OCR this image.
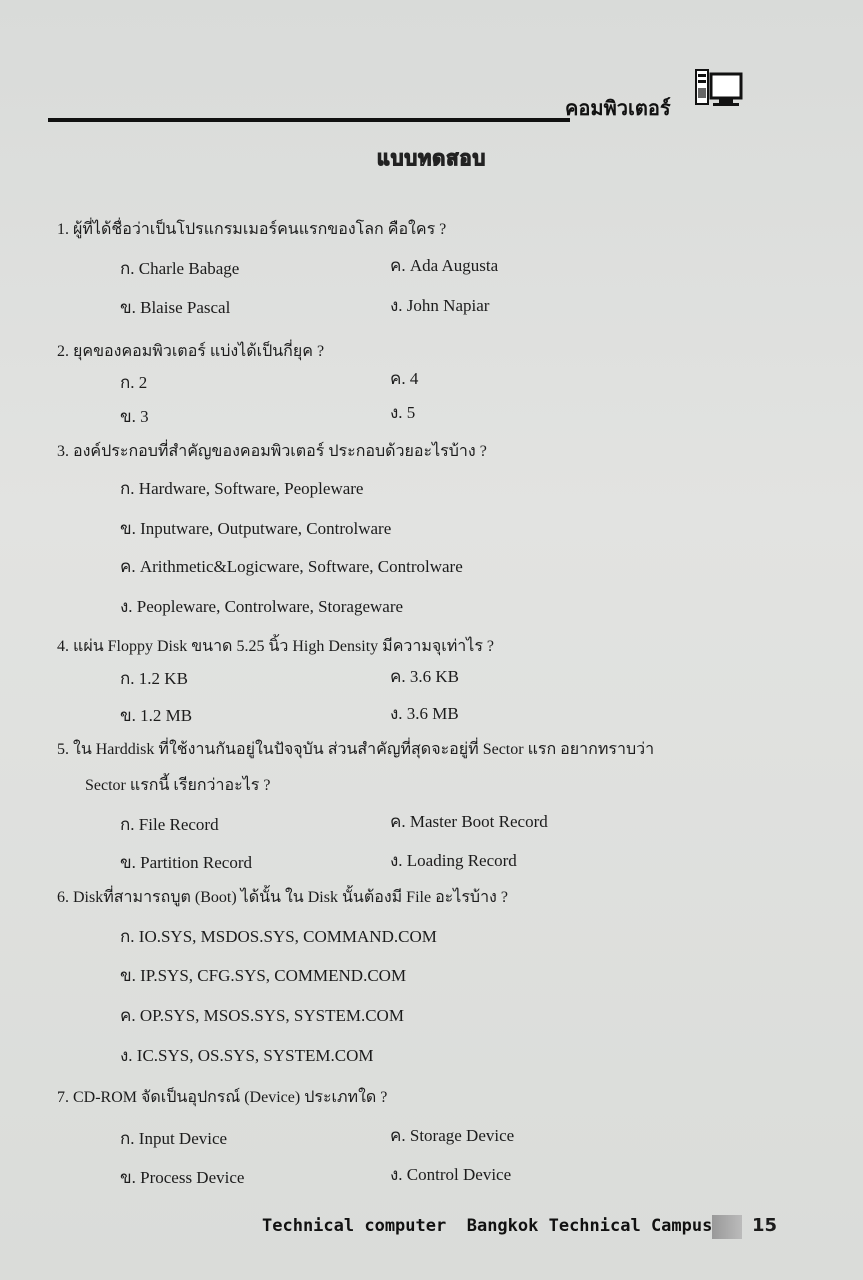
คอมพิวเตอร์
แบบทดสอบ
1. ผู้ที่ได้ชื่อว่าเป็นโปรแกรมเมอร์คนแรกของโลก คือใคร ?
ก. Charle Babage	ค. Ada Augusta
ข. Blaise Pascal	ง. John Napiar
2. ยุคของคอมพิวเตอร์ แบ่งได้เป็นกี่ยุค ?
ก. 2	ค. 4
ข. 3	ง. 5
3. องค์ประกอบที่สำคัญของคอมพิวเตอร์ ประกอบด้วยอะไรบ้าง ?
ก. Hardware, Software, Peopleware
ข. Inputware, Outputware, Controlware
ค. Arithmetic&Logicware, Software, Controlware
ง. Peopleware, Controlware, Storageware
4. แผ่น Floppy Disk ขนาด 5.25 นิ้ว High Density มีความจุเท่าไร ?
ก. 1.2 KB	ค. 3.6 KB
ข. 1.2 MB	ง. 3.6 MB
5. ใน Harddisk ที่ใช้งานกันอยู่ในปัจจุบัน ส่วนสำคัญที่สุดจะอยู่ที่ Sector แรก อยากทราบว่า
Sector แรกนี้ เรียกว่าอะไร ?
ก. File Record	ค. Master Boot Record
ข. Partition Record	ง. Loading Record
6. Diskที่สามารถบูต (Boot) ได้นั้น ใน Disk นั้นต้องมี File อะไรบ้าง ?
ก. IO.SYS, MSDOS.SYS, COMMAND.COM
ข. IP.SYS, CFG.SYS, COMMEND.COM
ค. OP.SYS, MSOS.SYS, SYSTEM.COM
ง. IC.SYS, OS.SYS, SYSTEM.COM
7. CD-ROM จัดเป็นอุปกรณ์ (Device) ประเภทใด ?
ก. Input Device	ค. Storage Device
ข. Process Device	ง. Control Device
Technical computer Bangkok Technical Campus 15
